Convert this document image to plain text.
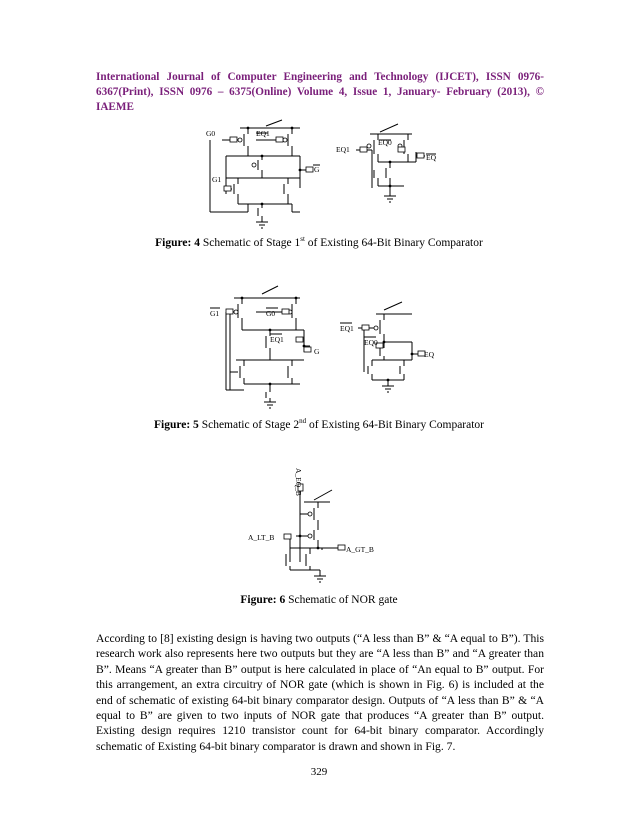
International Journal of Computer Engineering and Technology (IJCET), ISSN 0976-6367(Print), ISSN 0976 – 6375(Online) Volume 4, Issue 1, January- February (2013), © IAEME
G0	EQ1
G1
G
EQ1
EQ0
EQ
Figure: 4 Schematic of Stage 1st of Existing 64-Bit Binary Comparator
G1	G0
EQ1
G
EQ1
EQ0
EQ
Figure: 5 Schematic of Stage 2nd of Existing 64-Bit Binary Comparator
A_EQ_B
A_LT_B
A_GT_B
Figure: 6 Schematic of NOR gate
According to [8] existing design is having two outputs (“A less than B” & “A equal to B”). This research work also represents here two outputs but they are “A less than B” and “A greater than B”. Means “A greater than B” output is here calculated in place of “An equal to B” output. For this arrangement, an extra circuitry of NOR gate (which is shown in Fig. 6) is included at the end of schematic of existing 64-bit binary comparator design. Outputs of “A less than B” & “A equal to B” are given to two inputs of NOR gate that produces “A greater than B” output. Existing design requires 1210 transistor count for 64-bit binary comparator. Accordingly schematic of Existing 64-bit binary comparator is drawn and shown in Fig. 7.
329
